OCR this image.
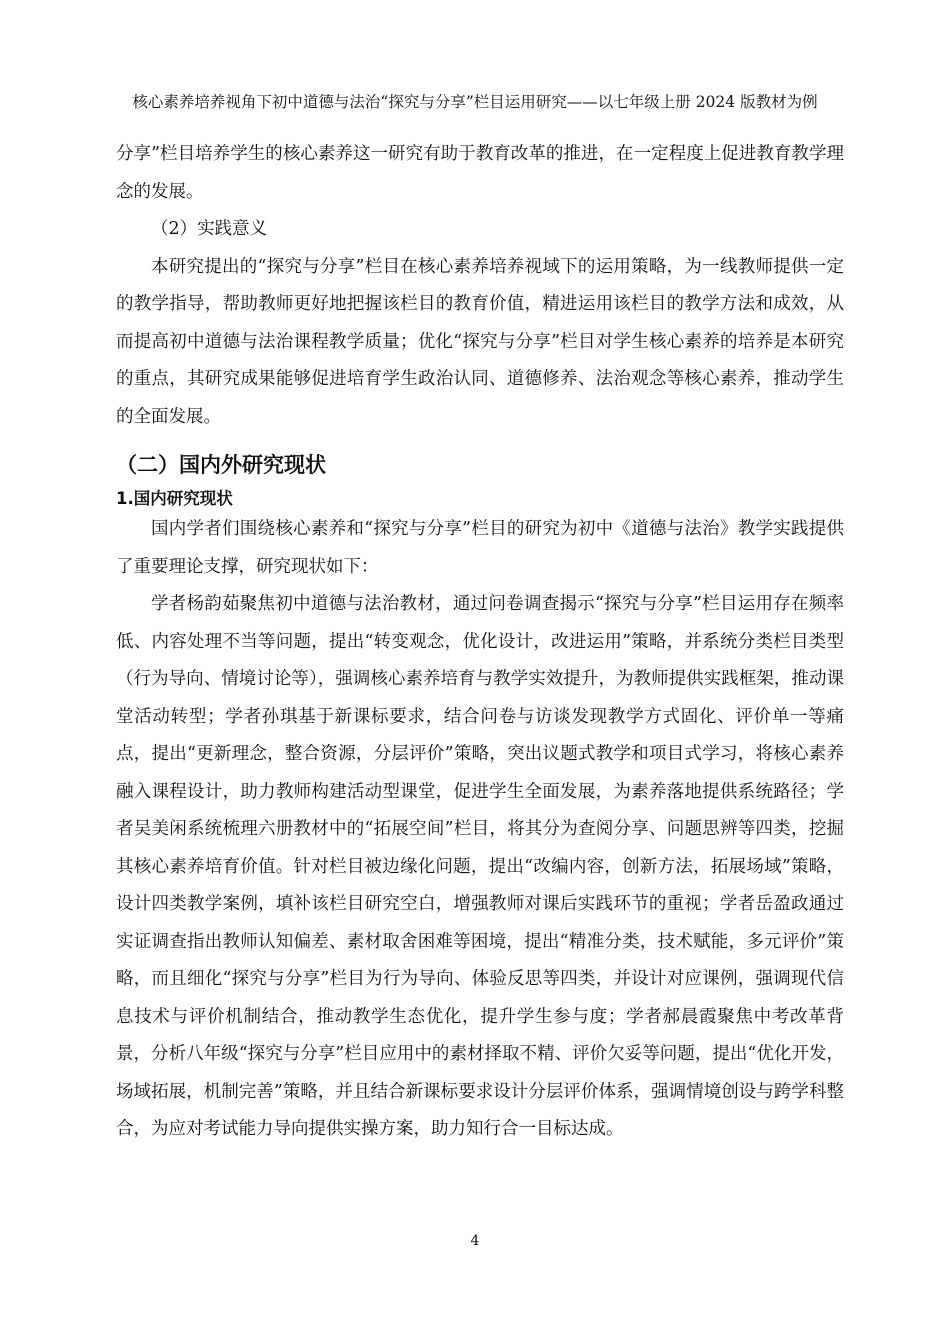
核心素养培养视角下初中道德与法治“探究与分享”栏目运用研究——以七年级上册 2024 版教材为例

分享”栏目培养学生的核心素养这一研究有助于教育改革的推进，在一定程度上促进教育教学理念的发展。

（2）实践意义

本研究提出的“探究与分享”栏目在核心素养培养视域下的运用策略，为一线教师提供一定的教学指导，帮助教师更好地把握该栏目的教育价值，精进运用该栏目的教学方法和成效，从而提高初中道德与法治课程教学质量；优化“探究与分享”栏目对学生核心素养的培养是本研究的重点，其研究成果能够促进培育学生政治认同、道德修养、法治观念等核心素养，推动学生的全面发展。

（二）国内外研究现状

1.国内研究现状

国内学者们围绕核心素养和“探究与分享”栏目的研究为初中《道德与法治》教学实践提供了重要理论支撑，研究现状如下：

学者杨韵茹聚焦初中道德与法治教材，通过问卷调查揭示“探究与分享”栏目运用存在频率低、内容处理不当等问题，提出“转变观念，优化设计，改进运用”策略，并系统分类栏目类型（行为导向、情境讨论等），强调核心素养培育与教学实效提升，为教师提供实践框架，推动课堂活动转型；学者孙琪基于新课标要求，结合问卷与访谈发现教学方式固化、评价单一等痛点，提出“更新理念，整合资源，分层评价”策略，突出议题式教学和项目式学习，将核心素养融入课程设计，助力教师构建活动型课堂，促进学生全面发展，为素养落地提供系统路径；学者吴美闲系统梳理六册教材中的“拓展空间”栏目，将其分为查阅分享、问题思辨等四类，挖掘其核心素养培育价值。针对栏目被边缘化问题，提出“改编内容，创新方法，拓展场域”策略，设计四类教学案例，填补该栏目研究空白，增强教师对课后实践环节的重视；学者岳盈政通过实证调查指出教师认知偏差、素材取舍困难等困境，提出“精准分类，技术赋能，多元评价”策略，而且细化“探究与分享”栏目为行为导向、体验反思等四类，并设计对应课例，强调现代信息技术与评价机制结合，推动教学生态优化，提升学生参与度；学者郝晨霞聚焦中考改革背景，分析八年级“探究与分享”栏目应用中的素材择取不精、评价欠妥等问题，提出“优化开发，场域拓展，机制完善”策略，并且结合新课标要求设计分层评价体系，强调情境创设与跨学科整合，为应对考试能力导向提供实操方案，助力知行合一目标达成。

4
